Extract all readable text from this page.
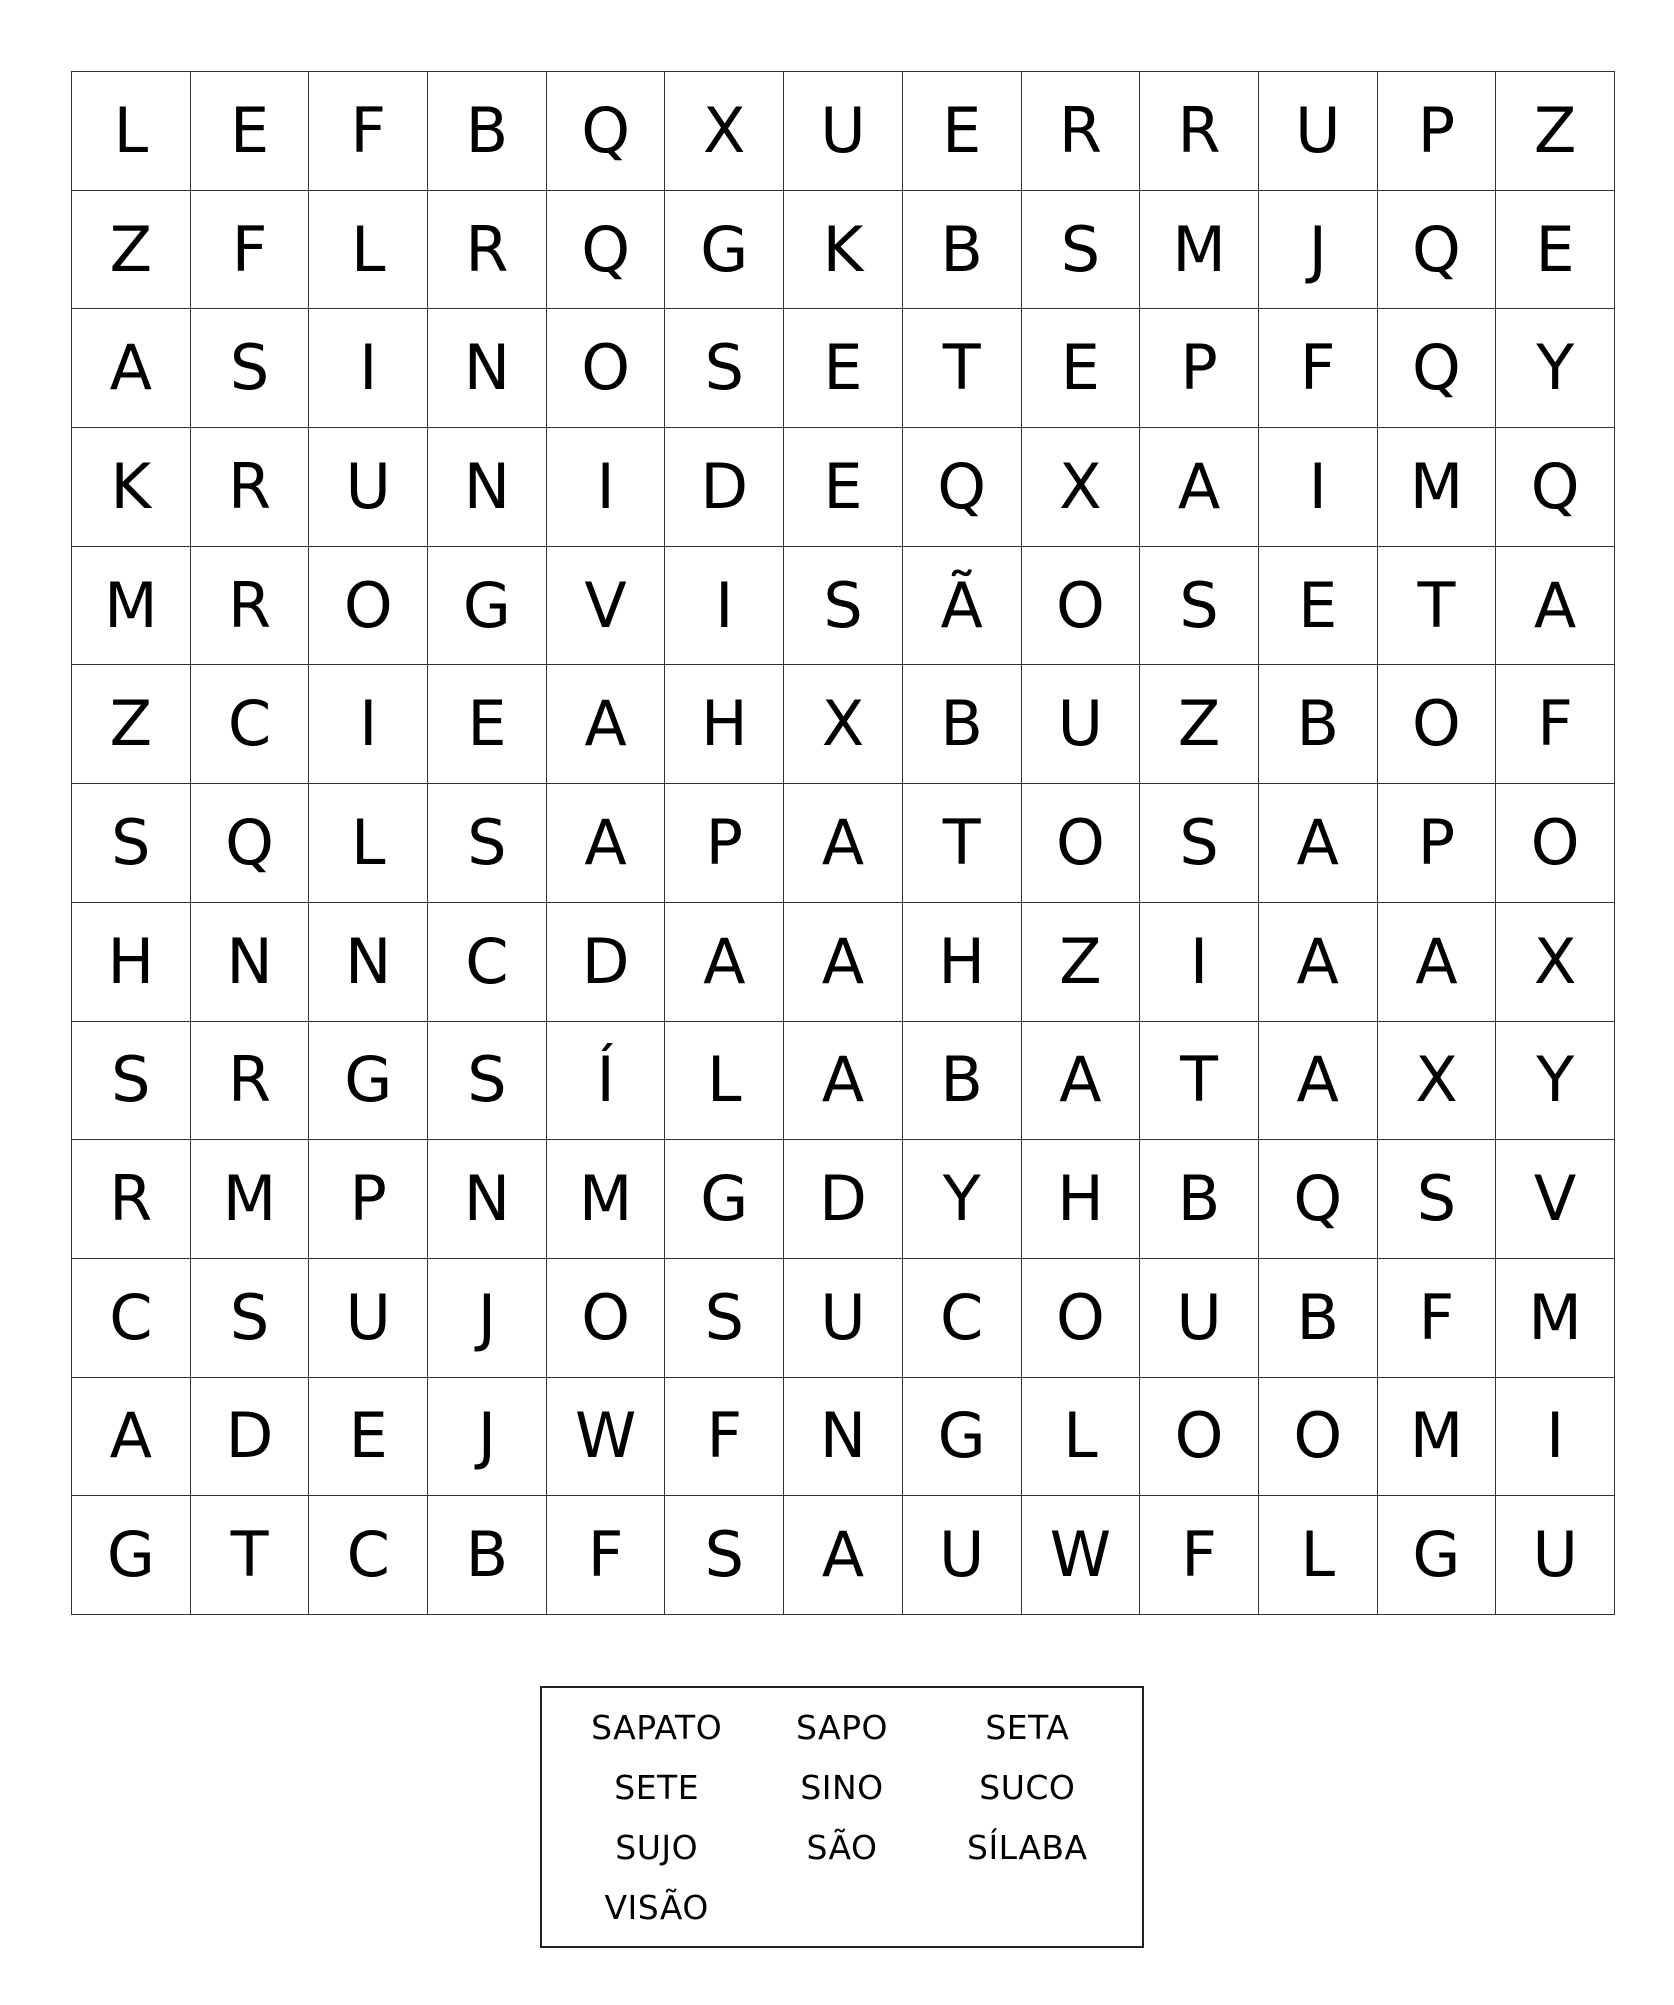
L	E	F	B	Q	X	U	E	R	R	U	P	Z
Z	F	L	R	Q	G	K	B	S	M	J	Q	E
A	S	I	N	O	S	E	T	E	P	F	Q	Y
K	R	U	N	I	D	E	Q	X	A	I	M	Q
M	R	O	G	V	I	S	Ã	O	S	E	T	A
Z	C	I	E	A	H	X	B	U	Z	B	O	F
S	Q	L	S	A	P	A	T	O	S	A	P	O
H	N	N	C	D	A	A	H	Z	I	A	A	X
S	R	G	S	Í	L	A	B	A	T	A	X	Y
R	M	P	N	M	G	D	Y	H	B	Q	S	V
C	S	U	J	O	S	U	C	O	U	B	F	M
A	D	E	J	W	F	N	G	L	O	O	M	I
G	T	C	B	F	S	A	U	W	F	L	G	U
SAPATO	SAPO	SETA
SETE	SINO	SUCO
SUJO	SÃO	SÍLABA
VISÃO
